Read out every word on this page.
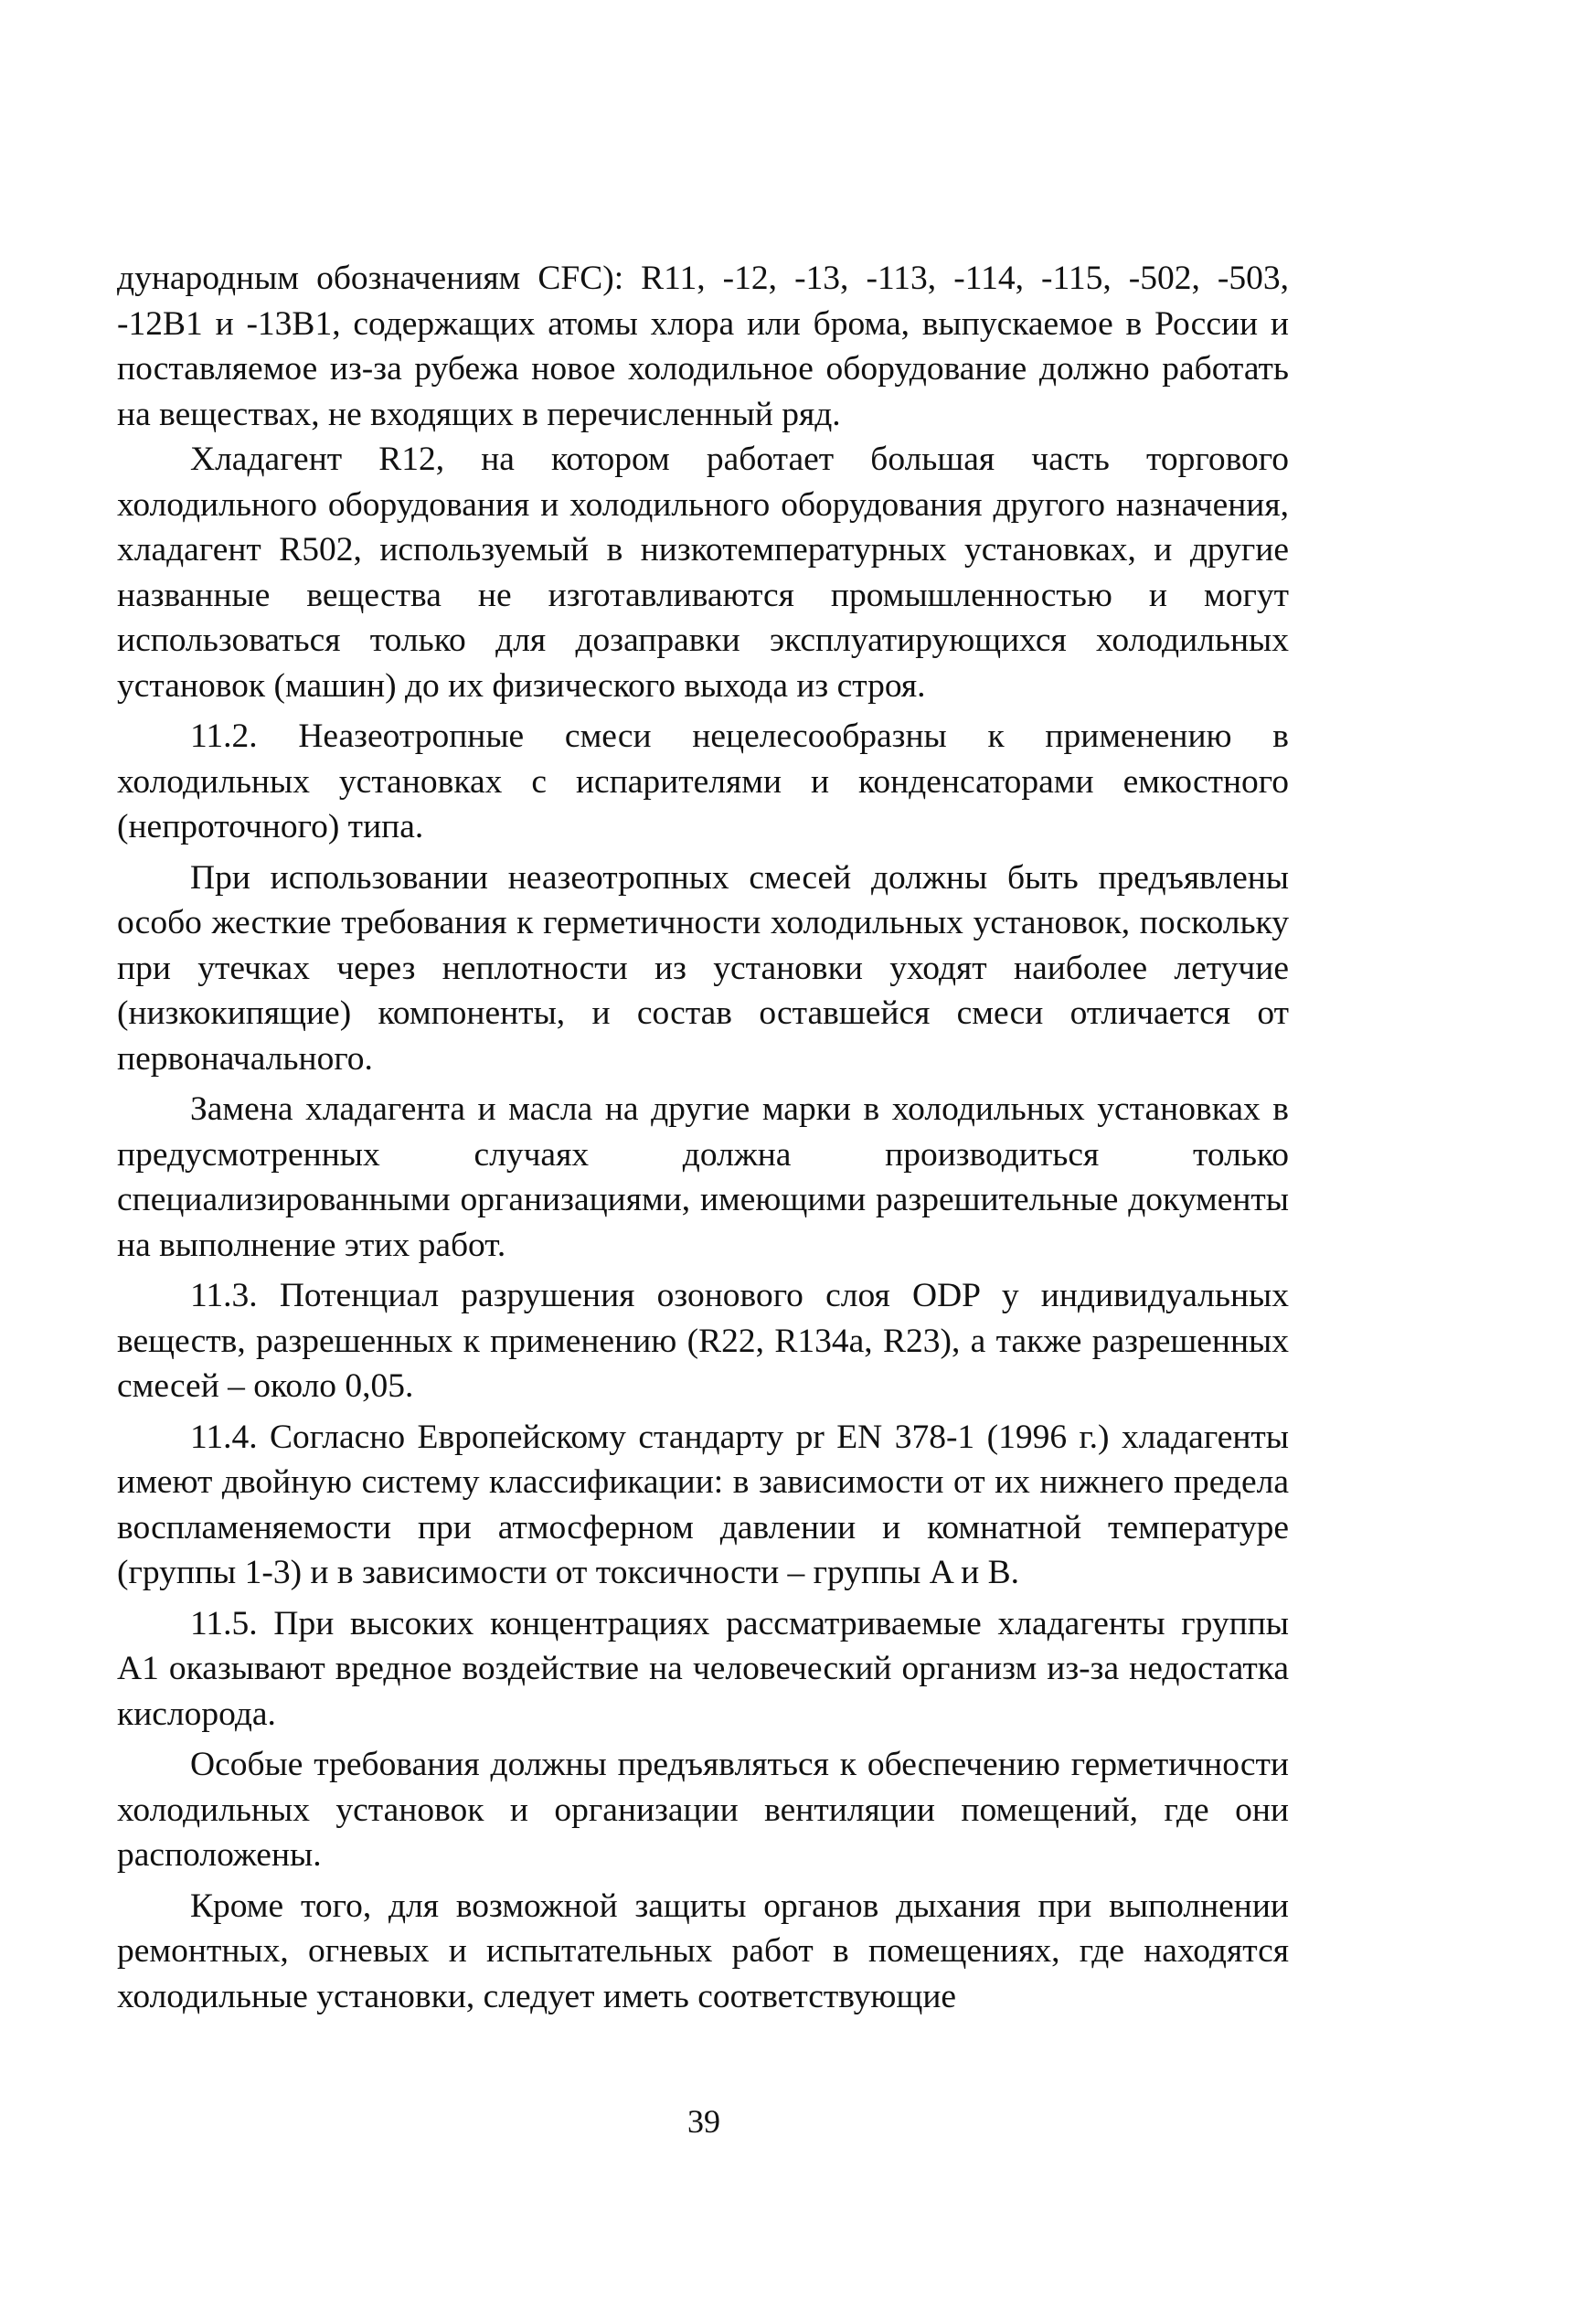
дународным обозначениям CFC): R11, -12, -13, -113, -114, -115, -502, -503, -12B1 и -13B1, содержащих атомы хлора или брома, выпускаемое в России и поставляемое из-за рубежа новое холодильное оборудование должно работать на веществах, не входящих в перечисленный ряд.

Хладагент R12, на котором работает большая часть торгового холодильного оборудования и холодильного оборудования другого назначения, хладагент R502, используемый в низкотемпературных установках, и другие названные вещества не изготавливаются промышленностью и могут использоваться только для дозаправки эксплуатирующихся холодильных установок (машин) до их физического выхода из строя.

11.2. Неазеотропные смеси нецелесообразны к применению в холодильных установках с испарителями и конденсаторами емкостного (непроточного) типа.

При использовании неазеотропных смесей должны быть предъявлены особо жесткие требования к герметичности холодильных установок, поскольку при утечках через неплотности из установки уходят наиболее летучие (низкокипящие) компоненты, и состав оставшейся смеси отличается от первоначального.

Замена хладагента и масла на другие марки в холодильных установках в предусмотренных случаях должна производиться только специализированными организациями, имеющими разрешительные документы на выполнение этих работ.

11.3. Потенциал разрушения озонового слоя ODP у индивидуальных веществ, разрешенных к применению (R22, R134a, R23), а также разрешенных смесей – около 0,05.

11.4. Согласно Европейскому стандарту pr EN 378-1 (1996 г.) хладагенты имеют двойную систему классификации: в зависимости от их нижнего предела воспламеняемости при атмосферном давлении и комнатной температуре (группы 1-3) и в зависимости от токсичности – группы A и B.

11.5. При высоких концентрациях рассматриваемые хладагенты группы A1 оказывают вредное воздействие на человеческий организм из-за недостатка кислорода.

Особые требования должны предъявляться к обеспечению герметичности холодильных установок и организации вентиляции помещений, где они расположены.

Кроме того, для возможной защиты органов дыхания при выполнении ремонтных, огневых и испытательных работ в помещениях, где находятся холодильные установки, следует иметь соответствующие

39
